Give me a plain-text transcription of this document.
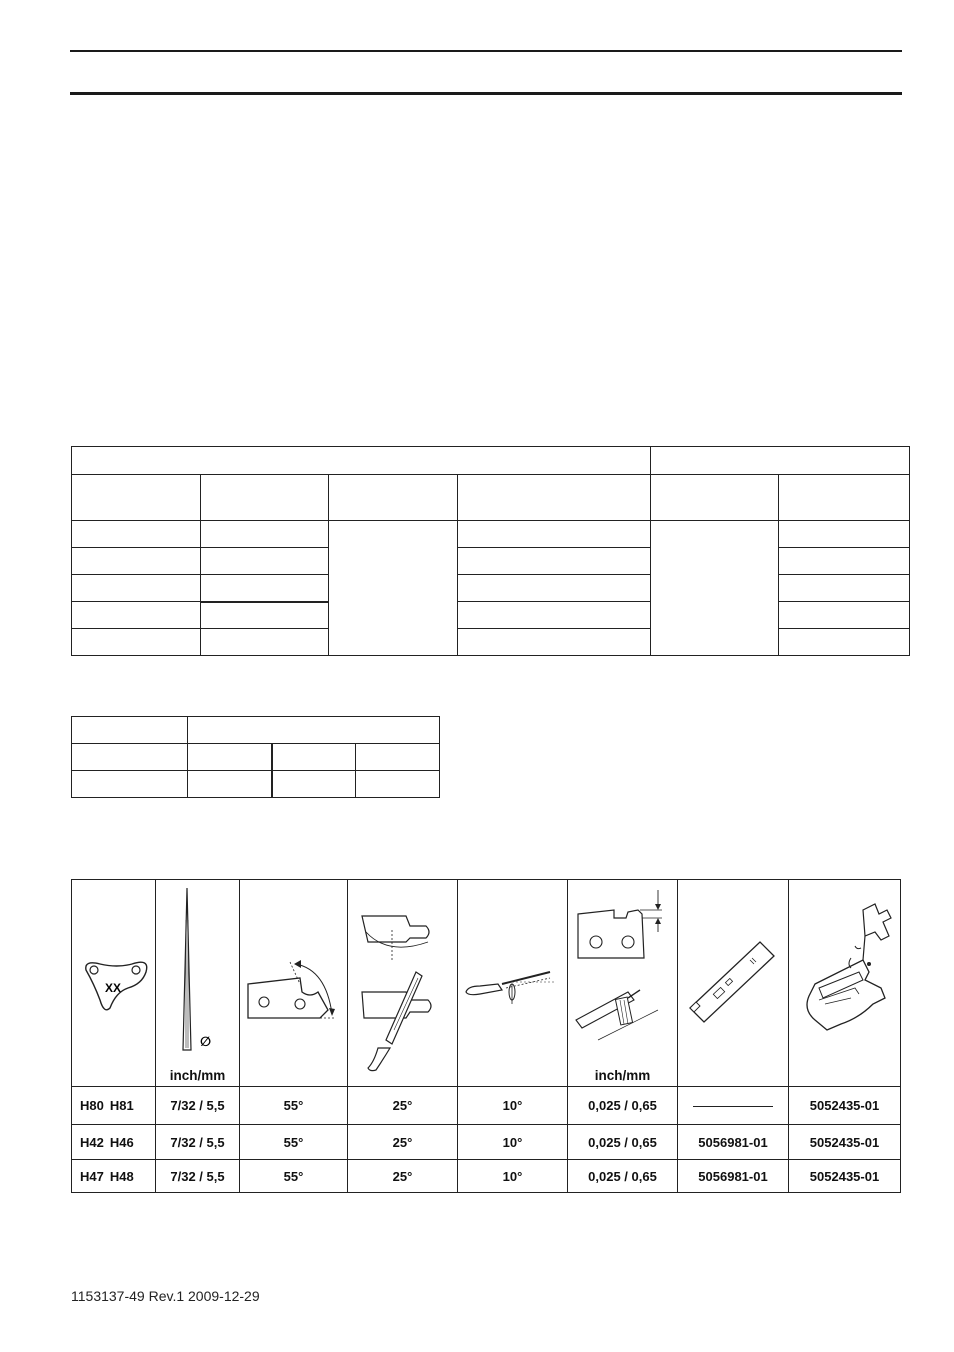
XX	∅
inch/mm				inch/mm

H80 H81	7/32 / 5,5	55°	25°	10°	0,025 / 0,65		5052435-01
H42 H46	7/32 / 5,5	55°	25°	10°	0,025 / 0,65	5056981-01	5052435-01
H47 H48	7/32 / 5,5	55°	25°	10°	0,025 / 0,65	5056981-01	5052435-01
1153137-49 Rev.1 2009-12-29
